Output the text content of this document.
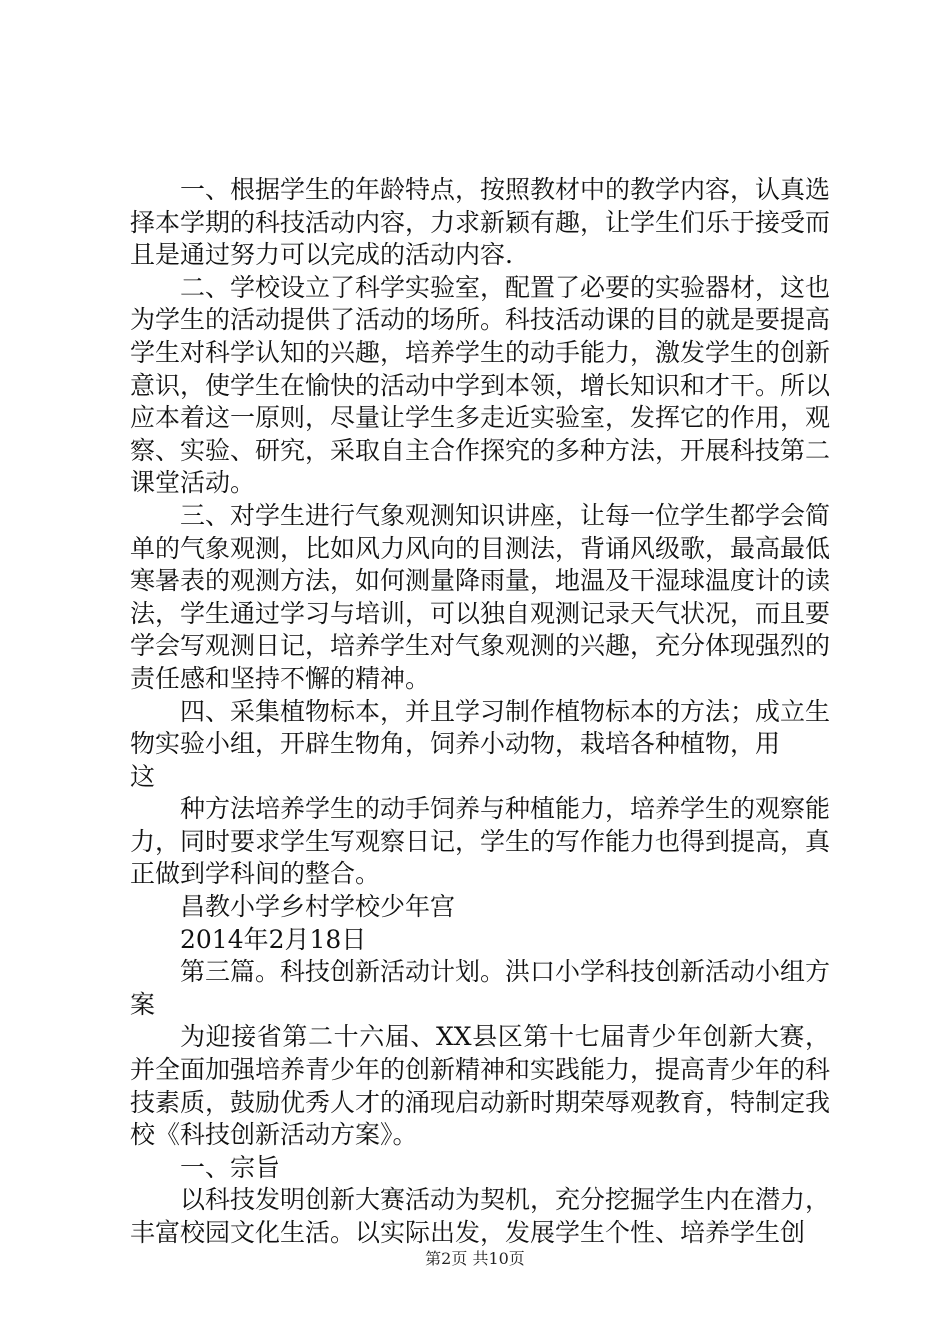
一、根据学生的年龄特点，按照教材中的教学内容，认真选择本学期的科技活动内容，力求新颖有趣，让学生们乐于接受而且是通过努力可以完成的活动内容.

二、学校设立了科学实验室，配置了必要的实验器材，这也为学生的活动提供了活动的场所。科技活动课的目的就是要提高学生对科学认知的兴趣，培养学生的动手能力，激发学生的创新意识，使学生在愉快的活动中学到本领，增长知识和才干。所以应本着这一原则，尽量让学生多走近实验室，发挥它的作用，观察、实验、研究，采取自主合作探究的多种方法，开展科技第二课堂活动。

三、对学生进行气象观测知识讲座，让每一位学生都学会简单的气象观测，比如风力风向的目测法，背诵风级歌，最高最低寒暑表的观测方法，如何测量降雨量，地温及干湿球温度计的读法，学生通过学习与培训，可以独自观测记录天气状况，而且要学会写观测日记，培养学生对气象观测的兴趣，充分体现强烈的责任感和坚持不懈的精神。

四、采集植物标本，并且学习制作植物标本的方法；成立生物实验小组，开辟生物角，饲养小动物，栽培各种植物，用

这

种方法培养学生的动手饲养与种植能力，培养学生的观察能力，同时要求学生写观察日记，学生的写作能力也得到提高，真正做到学科间的整合。

昌教小学乡村学校少年宫

2014年2月18日

第三篇。科技创新活动计划。洪口小学科技创新活动小组方案

为迎接省第二十六届、XX县区第十七届青少年创新大赛，并全面加强培养青少年的创新精神和实践能力，提高青少年的科技素质，鼓励优秀人才的涌现启动新时期荣辱观教育，特制定我校《科技创新活动方案》。

一、宗旨

以科技发明创新大赛活动为契机，充分挖掘学生内在潜力，丰富校园文化生活。以实际出发，发展学生个性、培养学生创

第2页 共10页
